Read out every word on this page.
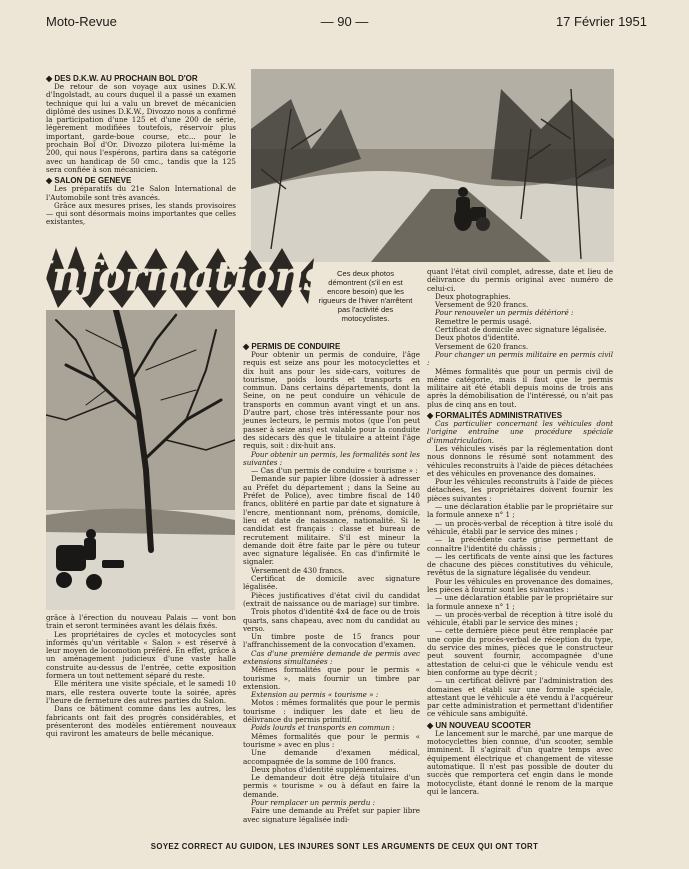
Moto-Revue	— 90 —	17 Février 1951
Informations	Ces deux photos démontrent (s'il en est encore besoin) que les rigueurs de l'hiver n'arrêtent pas l'activité des motocyclistes.
◆ DES D.K.W. AU PROCHAIN BOL D'OR

De retour de son voyage aux usines D.K.W. d'Ingolstadt, au cours duquel il a passé un examen technique qui lui a valu un brevet de mécanicien diplômé des usines D.K.W., Divozzo nous a confirmé la participation d'une 125 et d'une 200 de série, légèrement modifiées toutefois, réservoir plus important, garde-boue course, etc... pour le prochain Bol d'Or. Divozzo pilotera lui-même la 200, qui nous l'espérons, partira dans sa catégorie avec un handicap de 50 cmc., tandis que la 125 sera confiée à son mécanicien.

◆ SALON DE GENEVE

Les préparatifs du 21e Salon International de l'Automobile sont très avancés.

Grâce aux mesures prises, les stands provisoires — qui sont désormais moins importantes que celles existantes,

grâce à l'érection du nouveau Palais — vont bon train et seront terminées avant les délais fixés.

Les propriétaires de cycles et motocycles sont informés qu'un véritable « Salon » est réservé à leur moyen de locomotion préféré. En effet, grâce à un aménagement judicieux d'une vaste halle construite au-dessus de l'entrée, cette exposition formera un tout nettement séparé du reste.

Elle méritera une visite spéciale, et le samedi 10 mars, elle restera ouverte toute la soirée, après l'heure de fermeture des autres parties du Salon.

Dans ce bâtiment comme dans les autres, les fabricants ont fait des progrès considérables, et présenteront des modèles entièrement nouveaux qui raviront les amateurs de belle mécanique.

◆ PERMIS DE CONDUIRE

Pour obtenir un permis de conduire, l'âge requis est seize ans pour les motocyclettes et dix huit ans pour les side-cars, voitures de tourisme, poids lourds et transports en commun. Dans certains départements, dont la Seine, on ne peut conduire un véhicule de transports en commun avant vingt et un ans. D'autre part, chose très intéressante pour nos jeunes lecteurs, le permis motos (que l'on peut passer à seize ans) est valable pour la conduite des sidecars dès que le titulaire a atteint l'âge requis, soit : dix-huit ans.

Pour obtenir un permis, les formalités sont les suivantes :

— Cas d'un permis de conduire « tourisme » :

Demande sur papier libre (dossier à adresser au Préfet du département ; dans la Seine au Préfet de Police), avec timbre fiscal de 140 francs, oblitéré en partie par date et signature à l'encre, mentionnant nom, prénoms, domicile, lieu et date de naissance, nationalité. Si le candidat est français : classe et bureau de recrutement militaire. S'il est mineur la demande doit être faite par le père ou tuteur avec signature légalisée. En cas d'infirmité le signaler.

Versement de 430 francs.

Certificat de domicile avec signature légalisée.

Pièces justificatives d'état civil du candidat (extrait de naissance ou de mariage) sur timbre.

Trois photos d'identité 4x4 de face ou de trois quarts, sans chapeau, avec nom du candidat au verso.

Un timbre poste de 15 francs pour l'affranchissement de la convocation d'examen.

Cas d'une première demande de permis avec extensions simultanées :

Mêmes formalités que pour le permis « tourisme », mais fournir un timbre par extension.

Extension au permis « tourisme » :

Motos : mêmes formalités que pour le permis tourisme : indiquer les date et lieu de délivrance du permis primitif.

Poids lourds et transports en commun :

Mêmes formalités que pour le permis « tourisme » avec en plus :

Une demande d'examen médical, accompagnée de la somme de 100 francs.

Deux photos d'identité supplémentaires.

Le demandeur doit être déjà titulaire d'un permis « tourisme » ou à défaut en faire la demande.

Pour remplacer un permis perdu :

Faire une demande au Préfet sur papier libre avec signature légalisée indi-

quant l'état civil complet, adresse, date et lieu de délivrance du permis original avec numéro de celui-ci.

Deux photographies.

Versement de 920 francs.

Pour renouveler un permis détérioré :

Remettre le permis usagé.

Certificat de domicile avec signature légalisée.

Deux photos d'identité.

Versement de 620 francs.

Pour changer un permis militaire en permis civil :

Mêmes formalités que pour un permis civil de même catégorie, mais il faut que le permis militaire ait été établi depuis moins de trois ans après la démobilisation de l'intéressé, ou n'ait pas plus de cinq ans en tout.

◆ FORMALITÉS ADMINISTRATIVES

Cas particulier concernant les véhicules dont l'origine entraîne une procédure spéciale d'immatriculation.

Les véhicules visés par la réglementation dont nous donnons le résumé sont notamment des véhicules reconstruits à l'aide de pièces détachées et des véhicules en provenance des domaines.

Pour les véhicules reconstruits à l'aide de pièces détachées, les propriétaires doivent fournir les pièces suivantes :

— une déclaration établie par le propriétaire sur la formule annexe n° 1 ;

— un procès-verbal de réception à titre isolé du véhicule, établi par le service des mines ;

— la précédente carte grise permettant de connaître l'identité du châssis ;

— les certificats de vente ainsi que les factures de chacune des pièces constitutives du véhicule, revêtus de la signature légalisée du vendeur.

Pour les véhicules en provenance des domaines, les pièces à fournir sont les suivantes :

— une déclaration établie par le propriétaire sur la formule annexe n° 1 ;

— un procès-verbal de réception à titre isolé du véhicule, établi par le service des mines ;

— cette dernière pièce peut être remplacée par une copie du procès-verbal de réception du type, du service des mines, pièces que le constructeur peut souvent fournir, accompagnée d'une attestation de celui-ci que le véhicule vendu est bien conforme au type décrit ;

— un certificat délivré par l'administration des domaines et établi sur une formule spéciale, attestant que le véhicule a été vendu à l'acquéreur par cette administration et permettant d'identifier ce véhicule sans ambiguïté.

◆ UN NOUVEAU SCOOTER

Le lancement sur le marché, par une marque de motocyclettes bien connue, d'un scooter, semble imminent. Il s'agirait d'un quatre temps avec équipement électrique et changement de vitesse automatique. Il n'est pas possible de douter du succès que remportera cet engin dans le monde motocycliste, étant donné le renom de la marque qui le lancera.

SOYEZ CORRECT AU GUIDON, LES INJURES SONT LES ARGUMENTS DE CEUX QUI ONT TORT
